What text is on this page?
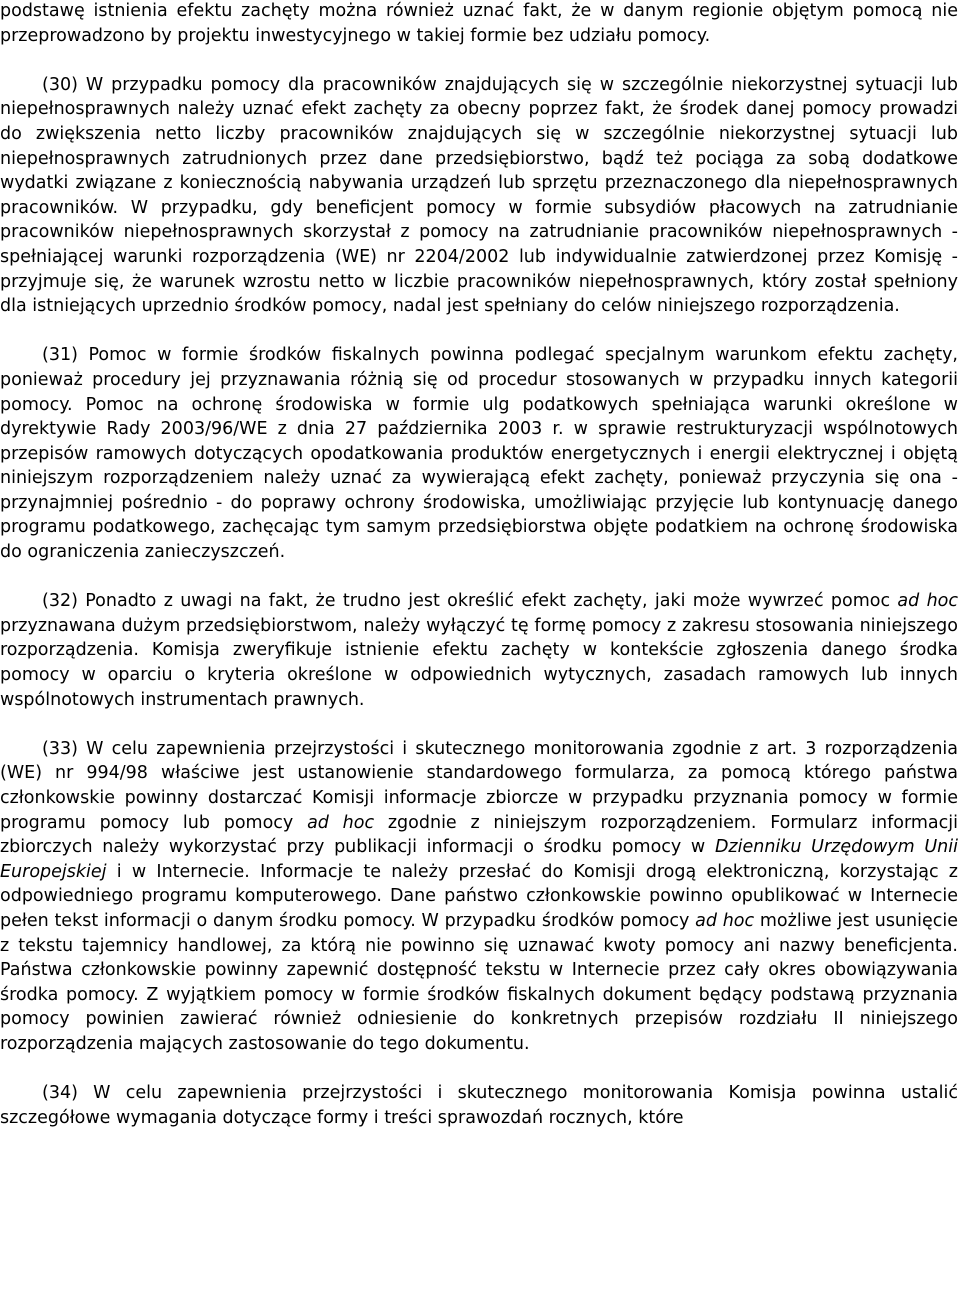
podstawę istnienia efektu zachęty można również uznać fakt, że w danym regionie objętym pomocą nie przeprowadzono by projektu inwestycyjnego w takiej formie bez udziału pomocy.

(30) W przypadku pomocy dla pracowników znajdujących się w szczególnie niekorzystnej sytuacji lub niepełnosprawnych należy uznać efekt zachęty za obecny poprzez fakt, że środek danej pomocy prowadzi do zwiększenia netto liczby pracowników znajdujących się w szczególnie niekorzystnej sytuacji lub niepełnosprawnych zatrudnionych przez dane przedsiębiorstwo, bądź też pociąga za sobą dodatkowe wydatki związane z koniecznością nabywania urządzeń lub sprzętu przeznaczonego dla niepełnosprawnych pracowników. W przypadku, gdy beneficjent pomocy w formie subsydiów płacowych na zatrudnianie pracowników niepełnosprawnych skorzystał z pomocy na zatrudnianie pracowników niepełnosprawnych - spełniającej warunki rozporządzenia (WE) nr 2204/2002 lub indywidualnie zatwierdzonej przez Komisję - przyjmuje się, że warunek wzrostu netto w liczbie pracowników niepełnosprawnych, który został spełniony dla istniejących uprzednio środków pomocy, nadal jest spełniany do celów niniejszego rozporządzenia.

(31) Pomoc w formie środków fiskalnych powinna podlegać specjalnym warunkom efektu zachęty, ponieważ procedury jej przyznawania różnią się od procedur stosowanych w przypadku innych kategorii pomocy. Pomoc na ochronę środowiska w formie ulg podatkowych spełniająca warunki określone w dyrektywie Rady 2003/96/WE z dnia 27 października 2003 r. w sprawie restrukturyzacji wspólnotowych przepisów ramowych dotyczących opodatkowania produktów energetycznych i energii elektrycznej i objętą niniejszym rozporządzeniem należy uznać za wywierającą efekt zachęty, ponieważ przyczynia się ona - przynajmniej pośrednio - do poprawy ochrony środowiska, umożliwiając przyjęcie lub kontynuację danego programu podatkowego, zachęcając tym samym przedsiębiorstwa objęte podatkiem na ochronę środowiska do ograniczenia zanieczyszczeń.

(32) Ponadto z uwagi na fakt, że trudno jest określić efekt zachęty, jaki może wywrzeć pomoc ad hoc przyznawana dużym przedsiębiorstwom, należy wyłączyć tę formę pomocy z zakresu stosowania niniejszego rozporządzenia. Komisja zweryfikuje istnienie efektu zachęty w kontekście zgłoszenia danego środka pomocy w oparciu o kryteria określone w odpowiednich wytycznych, zasadach ramowych lub innych wspólnotowych instrumentach prawnych.

(33) W celu zapewnienia przejrzystości i skutecznego monitorowania zgodnie z art. 3 rozporządzenia (WE) nr 994/98 właściwe jest ustanowienie standardowego formularza, za pomocą którego państwa członkowskie powinny dostarczać Komisji informacje zbiorcze w przypadku przyznania pomocy w formie programu pomocy lub pomocy ad hoc zgodnie z niniejszym rozporządzeniem. Formularz informacji zbiorczych należy wykorzystać przy publikacji informacji o środku pomocy w Dzienniku Urzędowym Unii Europejskiej i w Internecie. Informacje te należy przesłać do Komisji drogą elektroniczną, korzystając z odpowiedniego programu komputerowego. Dane państwo członkowskie powinno opublikować w Internecie pełen tekst informacji o danym środku pomocy. W przypadku środków pomocy ad hoc możliwe jest usunięcie z tekstu tajemnicy handlowej, za którą nie powinno się uznawać kwoty pomocy ani nazwy beneficjenta. Państwa członkowskie powinny zapewnić dostępność tekstu w Internecie przez cały okres obowiązywania środka pomocy. Z wyjątkiem pomocy w formie środków fiskalnych dokument będący podstawą przyznania pomocy powinien zawierać również odniesienie do konkretnych przepisów rozdziału II niniejszego rozporządzenia mających zastosowanie do tego dokumentu.

(34) W celu zapewnienia przejrzystości i skutecznego monitorowania Komisja powinna ustalić szczegółowe wymagania dotyczące formy i treści sprawozdań rocznych, które
